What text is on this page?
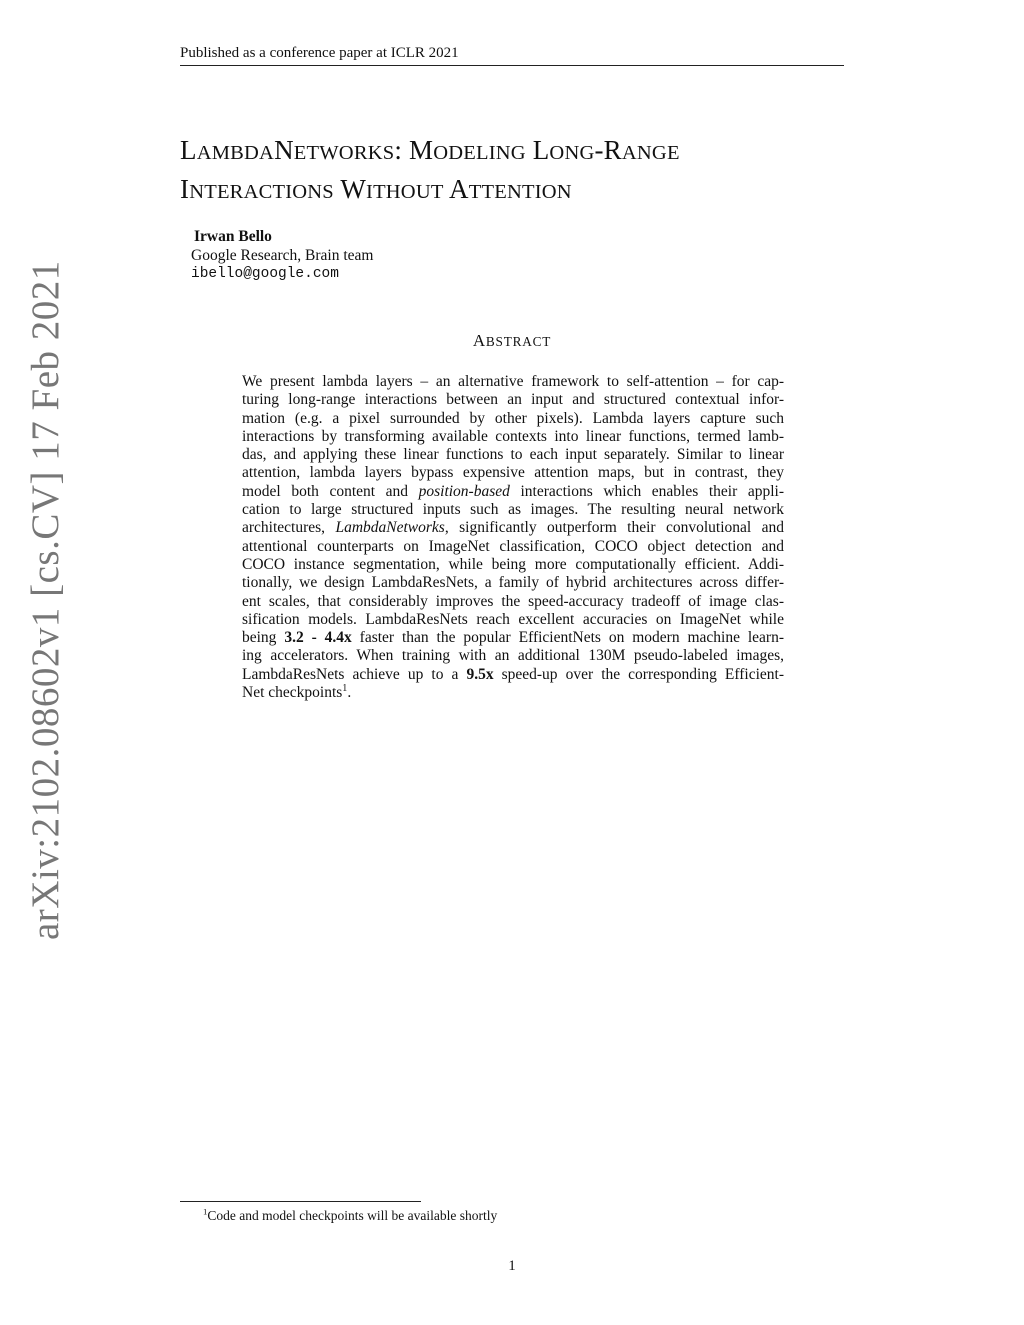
Published as a conference paper at ICLR 2021
LAMBDANETWORKS: MODELING LONG-RANGE
INTERACTIONS WITHOUT ATTENTION
Irwan Bello
Google Research, Brain team
ibello@google.com
ABSTRACT
We present lambda layers – an alternative framework to self-attention – for cap-
turing long-range interactions between an input and structured contextual infor-
mation (e.g. a pixel surrounded by other pixels). Lambda layers capture such
interactions by transforming available contexts into linear functions, termed lamb-
das, and applying these linear functions to each input separately. Similar to linear
attention, lambda layers bypass expensive attention maps, but in contrast, they
model both content and position-based interactions which enables their appli-
cation to large structured inputs such as images. The resulting neural network
architectures, LambdaNetworks, significantly outperform their convolutional and
attentional counterparts on ImageNet classification, COCO object detection and
COCO instance segmentation, while being more computationally efficient. Addi-
tionally, we design LambdaResNets, a family of hybrid architectures across differ-
ent scales, that considerably improves the speed-accuracy tradeoff of image clas-
sification models. LambdaResNets reach excellent accuracies on ImageNet while
being 3.2 - 4.4x faster than the popular EfficientNets on modern machine learn-
ing accelerators. When training with an additional 130M pseudo-labeled images,
LambdaResNets achieve up to a 9.5x speed-up over the corresponding Efficient-
Net checkpoints$^1$.
arXiv:2102.08602v1 [cs.CV] 17 Feb 2021
$^1$Code and model checkpoints will be available shortly
1
